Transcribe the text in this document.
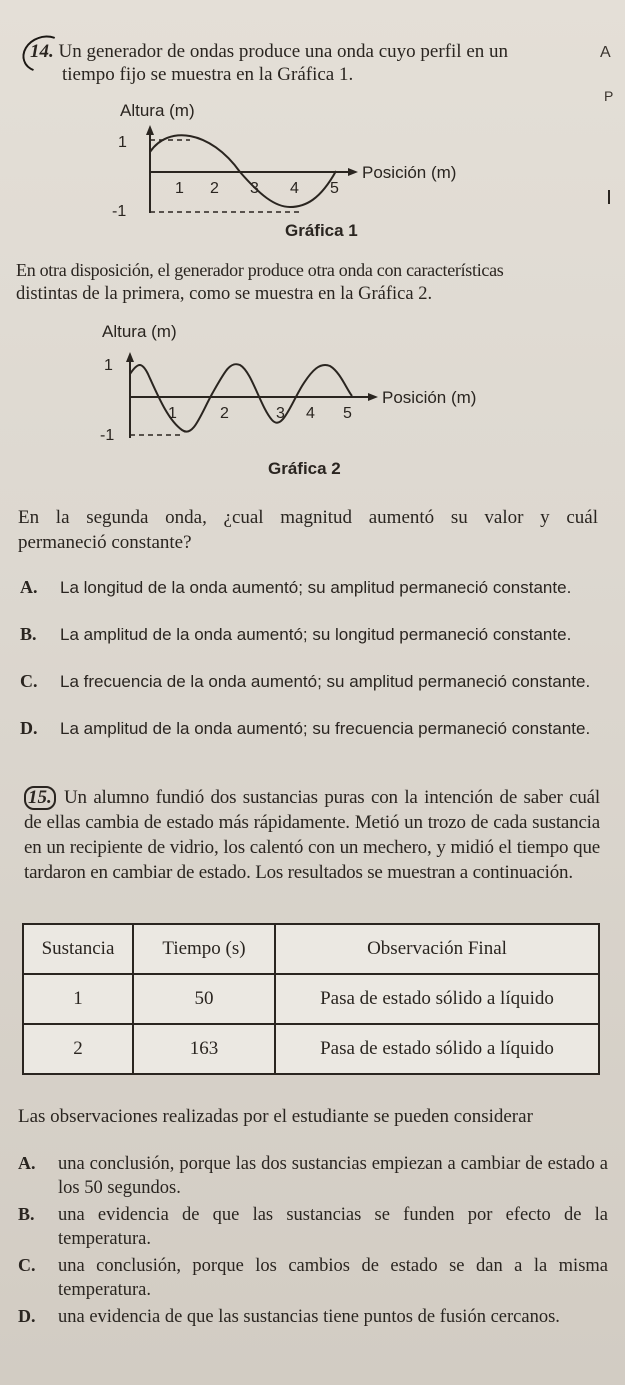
14. Un generador de ondas produce una onda cuyo perfil en un
tiempo fijo se muestra en la Gráfica 1.
A
P
Altura (m)
1
-1
1 2 3 4 5
Posición (m)
Gráfica 1
En otra disposición, el generador produce otra onda con características
distintas de la primera, como se muestra en la Gráfica 2.
Altura (m)
1
-1
1	2	3 4 5
Posición (m)
Gráfica 2
En la segunda onda, ¿cual magnitud aumentó su valor y cuál
permaneció constante?
A. La longitud de la onda aumentó; su amplitud permaneció constante.
B. La amplitud de la onda aumentó; su longitud permaneció constante.
C. La frecuencia de la onda aumentó; su amplitud permaneció constante.
D. La amplitud de la onda aumentó; su frecuencia permaneció constante.
15. Un alumno fundió dos sustancias puras con la intención de saber cuál de ellas cambia de estado más rápidamente. Metió un trozo de cada sustancia en un recipiente de vidrio, los calentó con un mechero, y midió el tiempo que tardaron en cambiar de estado. Los resultados se muestran a continuación.
Sustancia	Tiempo (s)	Observación Final
1	50	Pasa de estado sólido a líquido
2	163	Pasa de estado sólido a líquido
Las observaciones realizadas por el estudiante se pueden considerar
A. una conclusión, porque las dos sustancias empiezan a cambiar de estado a los 50 segundos.
B. una evidencia de que las sustancias se funden por efecto de la temperatura.
C. una conclusión, porque los cambios de estado se dan a la misma temperatura.
D. una evidencia de que las sustancias tiene puntos de fusión cercanos.
